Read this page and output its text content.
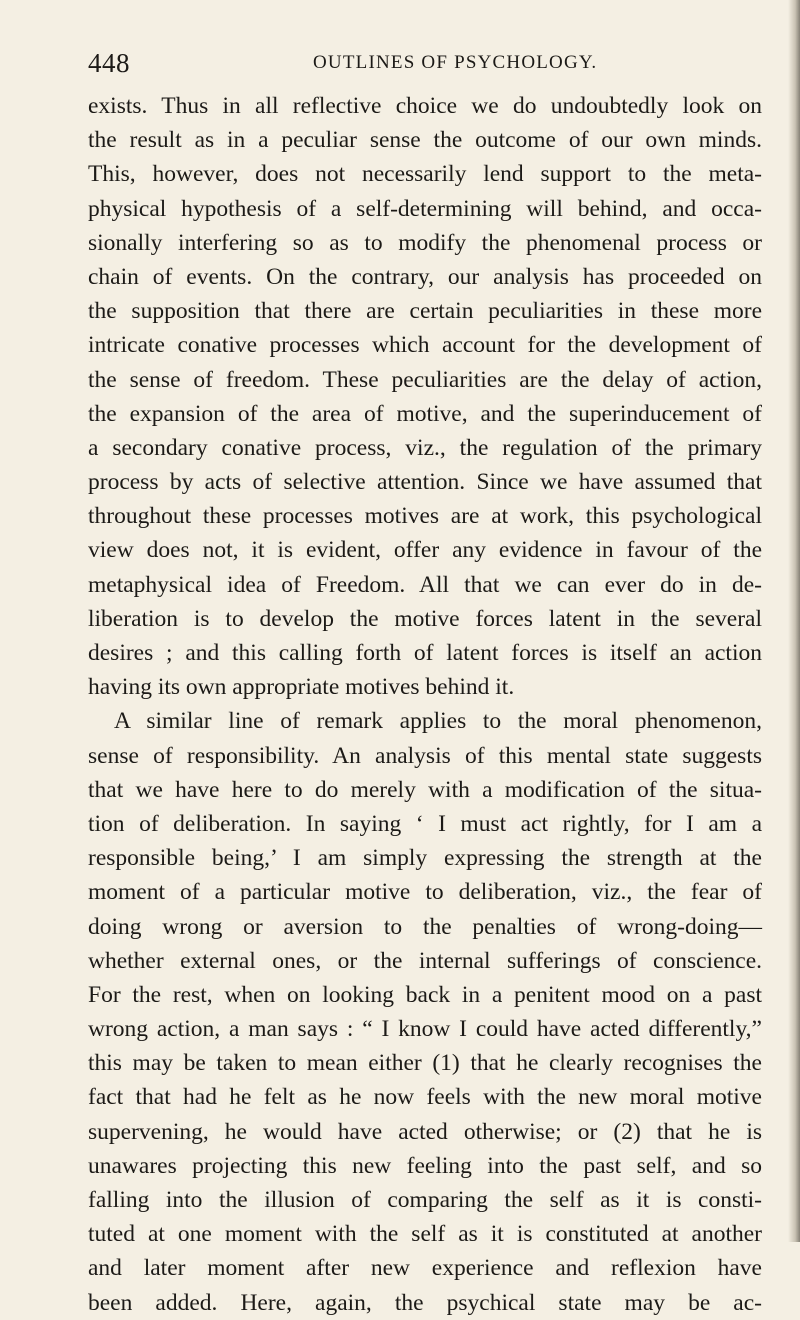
448	OUTLINES OF PSYCHOLOGY.
exists. Thus in all reflective choice we do undoubtedly look on
the result as in a peculiar sense the outcome of our own minds.
This, however, does not necessarily lend support to the meta-
physical hypothesis of a self-determining will behind, and occa-
sionally interfering so as to modify the phenomenal process or
chain of events. On the contrary, our analysis has proceeded on
the supposition that there are certain peculiarities in these more
intricate conative processes which account for the development of
the sense of freedom. These peculiarities are the delay of action,
the expansion of the area of motive, and the superinducement of
a secondary conative process, viz., the regulation of the primary
process by acts of selective attention. Since we have assumed that
throughout these processes motives are at work, this psychological
view does not, it is evident, offer any evidence in favour of the
metaphysical idea of Freedom. All that we can ever do in de-
liberation is to develop the motive forces latent in the several
desires ; and this calling forth of latent forces is itself an action
having its own appropriate motives behind it.
A similar line of remark applies to the moral phenomenon,
sense of responsibility. An analysis of this mental state suggests
that we have here to do merely with a modification of the situa-
tion of deliberation. In saying ‘ I must act rightly, for I am a
responsible being,’ I am simply expressing the strength at the
moment of a particular motive to deliberation, viz., the fear of
doing wrong or aversion to the penalties of wrong-doing—
whether external ones, or the internal sufferings of conscience.
For the rest, when on looking back in a penitent mood on a past
wrong action, a man says : “ I know I could have acted differently,”
this may be taken to mean either (1) that he clearly recognises the
fact that had he felt as he now feels with the new moral motive
supervening, he would have acted otherwise; or (2) that he is
unawares projecting this new feeling into the past self, and so
falling into the illusion of comparing the self as it is consti-
tuted at one moment with the self as it is constituted at another
and later moment after new experience and reflexion have
been added. Here, again, the psychical state may be ac-
